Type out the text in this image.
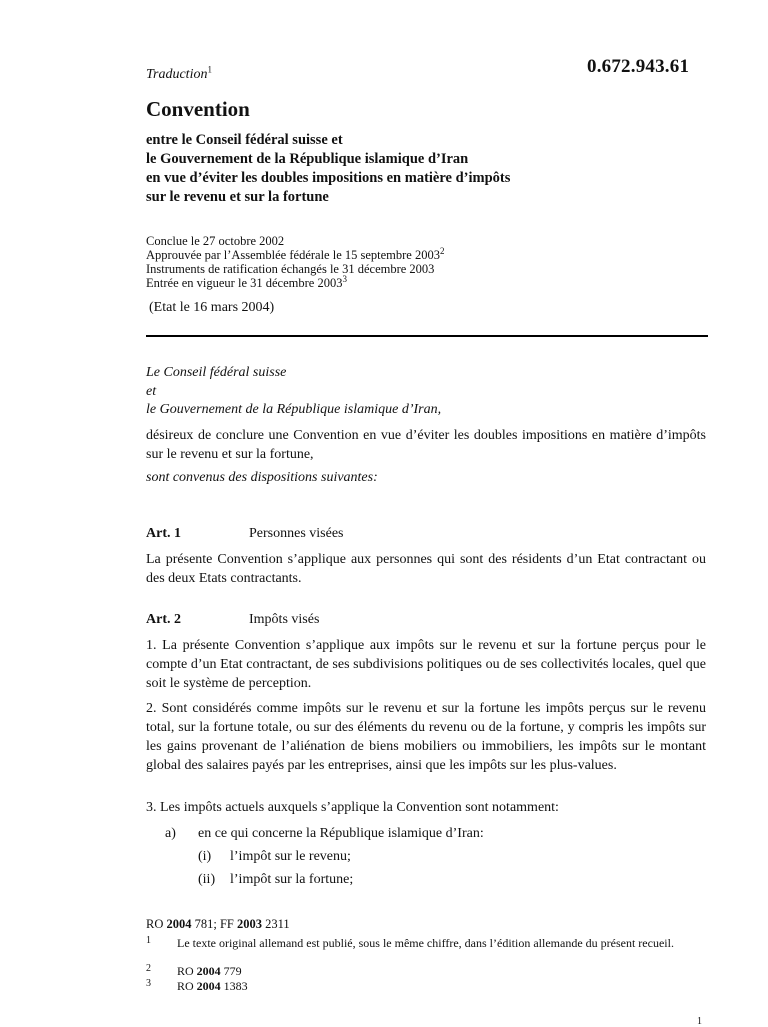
Traduction$^1$	0.672.943.61
Convention
entre le Conseil fédéral suisse et
le Gouvernement de la République islamique d’Iran
en vue d’éviter les doubles impositions en matière d’impôts
sur le revenu et sur la fortune
Conclue le 27 octobre 2002
Approuvée par l’Assemblée fédérale le 15 septembre 2003$^2$
Instruments de ratification échangés le 31 décembre 2003
Entrée en vigueur le 31 décembre 2003$^3$
(Etat le 16 mars 2004)
Le Conseil fédéral suisse
et
le Gouvernement de la République islamique d’Iran,
désireux de conclure une Convention en vue d’éviter les doubles impositions en matière d’impôts sur le revenu et sur la fortune,
sont convenus des dispositions suivantes:
Art. 1	Personnes visées
La présente Convention s’applique aux personnes qui sont des résidents d’un Etat contractant ou des deux Etats contractants.
Art. 2	Impôts visés
1. La présente Convention s’applique aux impôts sur le revenu et sur la fortune perçus pour le compte d’un Etat contractant, de ses subdivisions politiques ou de ses collectivités locales, quel que soit le système de perception.
2. Sont considérés comme impôts sur le revenu et sur la fortune les impôts perçus sur le revenu total, sur la fortune totale, ou sur des éléments du revenu ou de la fortune, y compris les impôts sur les gains provenant de l’aliénation de biens mobiliers ou immobiliers, les impôts sur le montant global des salaires payés par les entreprises, ainsi que les impôts sur les plus-values.
3. Les impôts actuels auxquels s’applique la Convention sont notamment:
a) en ce qui concerne la République islamique d’Iran:
(i) l’impôt sur le revenu;
(ii) l’impôt sur la fortune;
RO 2004 781; FF 2003 2311
1 Le texte original allemand est publié, sous le même chiffre, dans l’édition allemande du présent recueil.
2 RO 2004 779
3 RO 2004 1383
1
